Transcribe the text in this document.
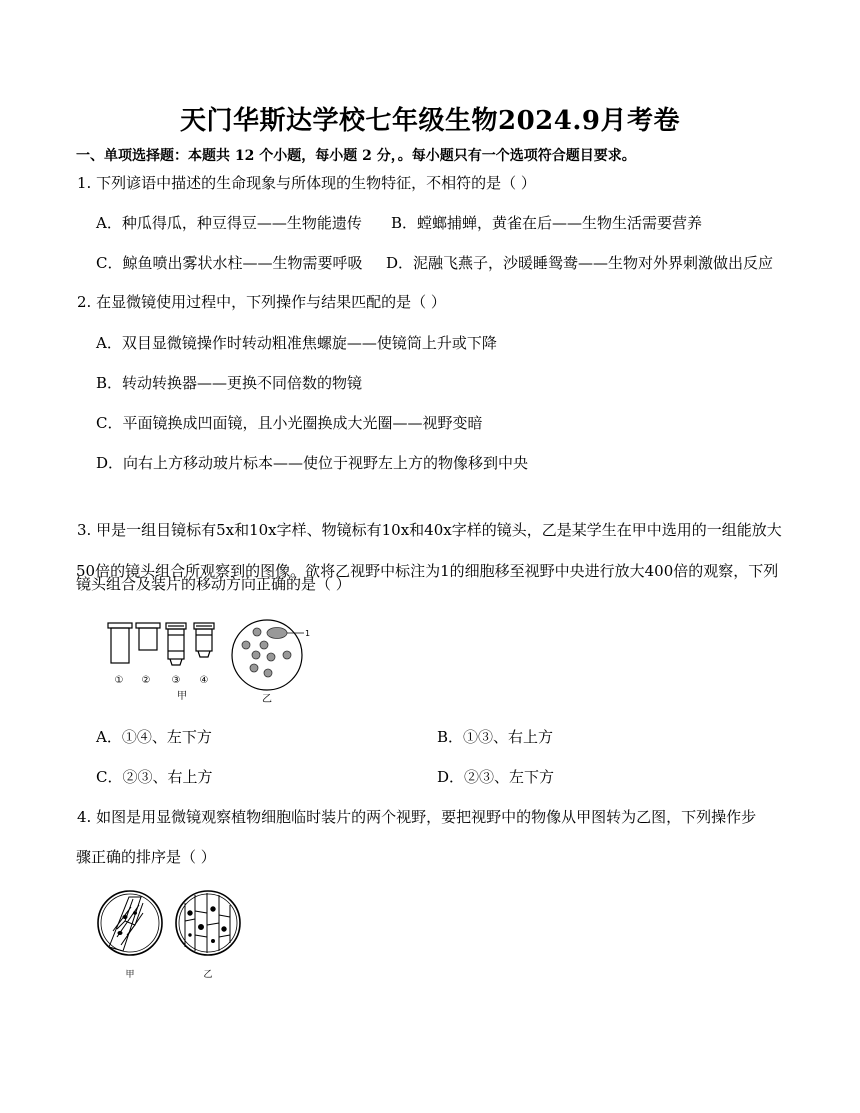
天门华斯达学校七年级生物2024.9月考卷
一、单项选择题：本题共 12 个小题，每小题 2 分，。每小题只有一个选项符合题目要求。
1. 下列谚语中描述的生命现象与所体现的生物特征，不相符的是（ ）
A．种瓜得瓜，种豆得豆——生物能遗传 B．螳螂捕蝉，黄雀在后——生物生活需要营养
C．鲸鱼喷出雾状水柱——生物需要呼吸 D．泥融飞燕子，沙暖睡鸳鸯——生物对外界刺激做出反应
2. 在显微镜使用过程中，下列操作与结果匹配的是（ ）
A．双目显微镜操作时转动粗准焦螺旋——使镜筒上升或下降
B．转动转换器——更换不同倍数的物镜
C．平面镜换成凹面镜，且小光圈换成大光圈——视野变暗
D．向右上方移动玻片标本——使位于视野左上方的物像移到中央
3. 甲是一组目镜标有5x和10x字样、物镜标有10x和40x字样的镜头，乙是某学生在甲中选用的一组能放大
50倍的镜头组合所观察到的图像。欲将乙视野中标注为1的细胞移至视野中央进行放大400倍的观察，下列
镜头组合及装片的移动方向正确的是（ ）
① ② ③ ④
甲
1
乙
A．①④、左下方	B．①③、右上方
C．②③、右上方	D．②③、左下方
4. 如图是用显微镜观察植物细胞临时装片的两个视野，要把视野中的物像从甲图转为乙图，下列操作步
骤正确的排序是（ ）
甲	乙
